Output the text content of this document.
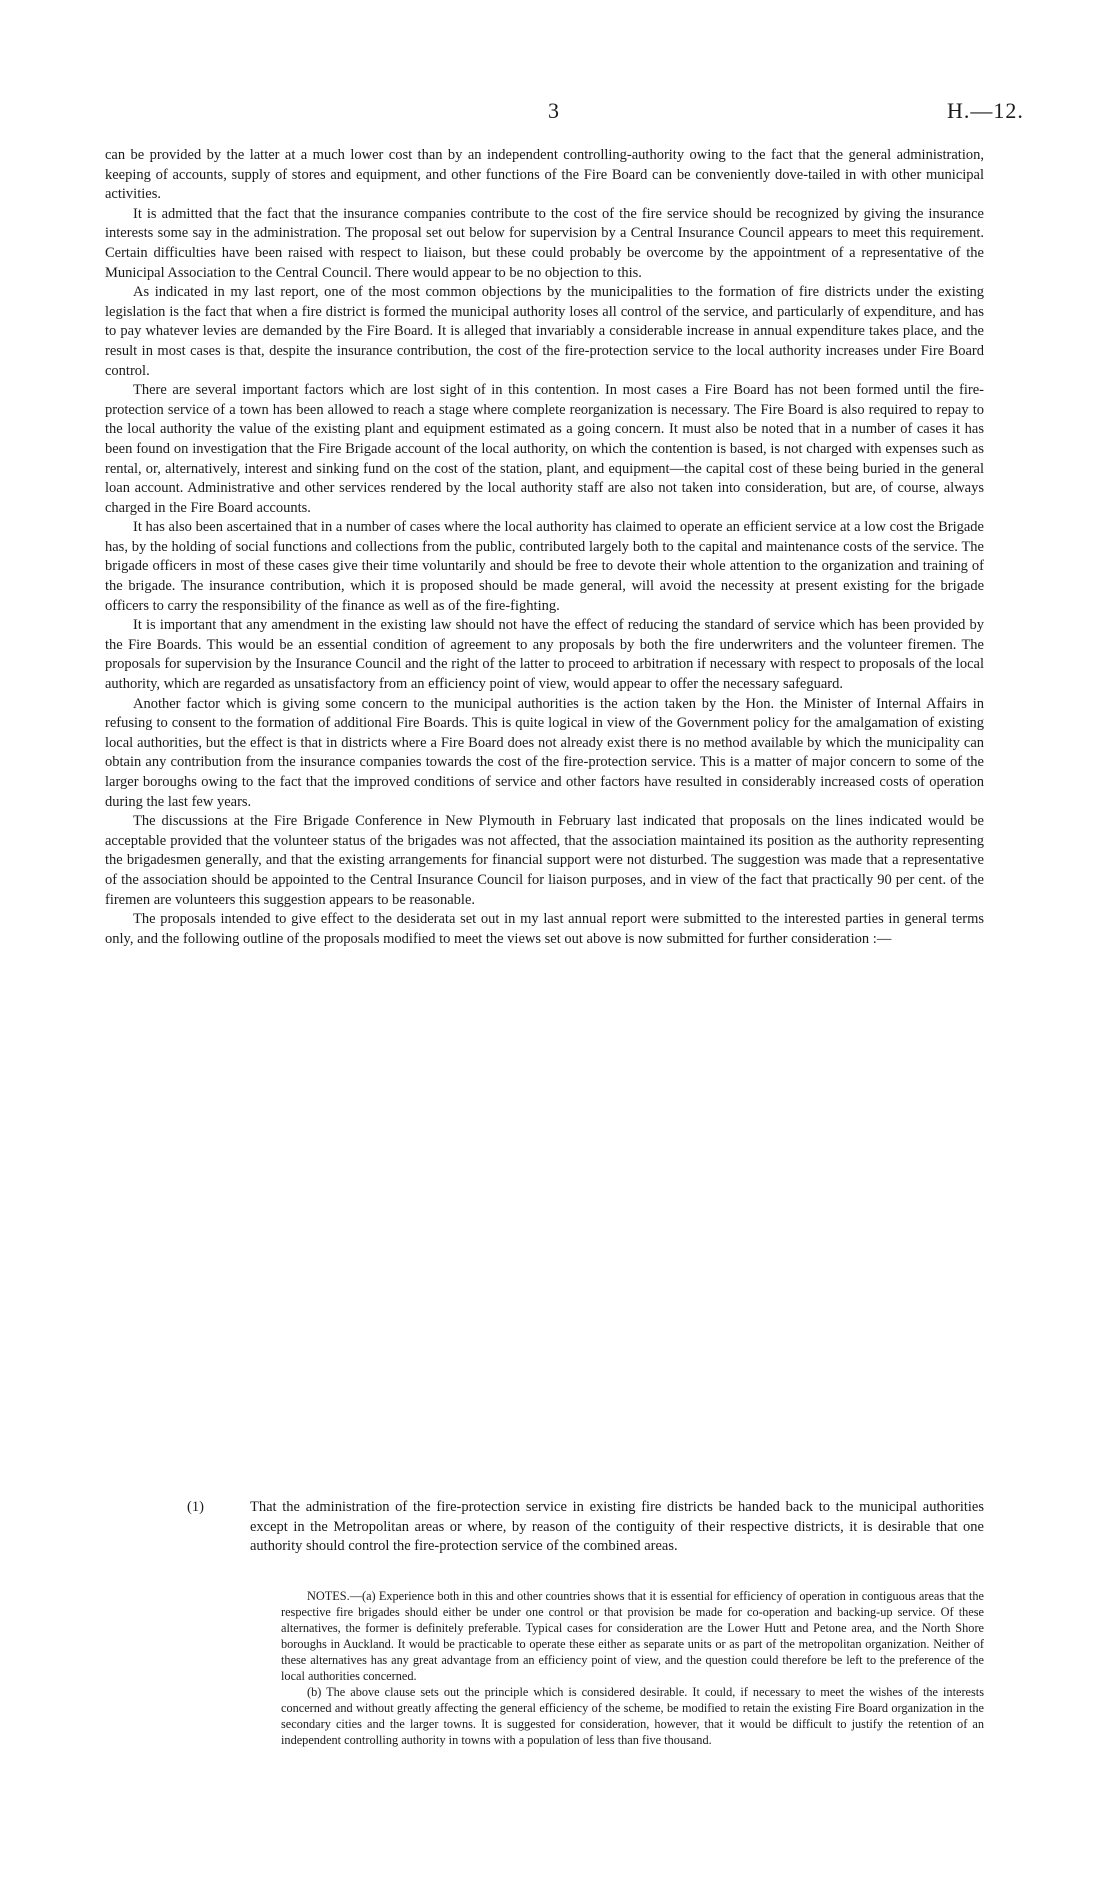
3	H.—12.

can be provided by the latter at a much lower cost than by an independent controlling-authority owing to the fact that the general administration, keeping of accounts, supply of stores and equipment, and other functions of the Fire Board can be conveniently dove-tailed in with other municipal activities.

It is admitted that the fact that the insurance companies contribute to the cost of the fire service should be recognized by giving the insurance interests some say in the administration. The proposal set out below for supervision by a Central Insurance Council appears to meet this requirement. Certain difficulties have been raised with respect to liaison, but these could probably be overcome by the appointment of a representative of the Municipal Association to the Central Council. There would appear to be no objection to this.

As indicated in my last report, one of the most common objections by the municipalities to the formation of fire districts under the existing legislation is the fact that when a fire district is formed the municipal authority loses all control of the service, and particularly of expenditure, and has to pay whatever levies are demanded by the Fire Board. It is alleged that invariably a considerable increase in annual expenditure takes place, and the result in most cases is that, despite the insurance contribution, the cost of the fire-protection service to the local authority increases under Fire Board control.

There are several important factors which are lost sight of in this contention. In most cases a Fire Board has not been formed until the fire-protection service of a town has been allowed to reach a stage where complete reorganization is necessary. The Fire Board is also required to repay to the local authority the value of the existing plant and equipment estimated as a going concern. It must also be noted that in a number of cases it has been found on investigation that the Fire Brigade account of the local authority, on which the contention is based, is not charged with expenses such as rental, or, alternatively, interest and sinking fund on the cost of the station, plant, and equipment—the capital cost of these being buried in the general loan account. Administrative and other services rendered by the local authority staff are also not taken into consideration, but are, of course, always charged in the Fire Board accounts.

It has also been ascertained that in a number of cases where the local authority has claimed to operate an efficient service at a low cost the Brigade has, by the holding of social functions and collections from the public, contributed largely both to the capital and maintenance costs of the service. The brigade officers in most of these cases give their time voluntarily and should be free to devote their whole attention to the organization and training of the brigade. The insurance contribution, which it is proposed should be made general, will avoid the necessity at present existing for the brigade officers to carry the responsibility of the finance as well as of the fire-fighting.

It is important that any amendment in the existing law should not have the effect of reducing the standard of service which has been provided by the Fire Boards. This would be an essential condition of agreement to any proposals by both the fire underwriters and the volunteer firemen. The proposals for supervision by the Insurance Council and the right of the latter to proceed to arbitration if necessary with respect to proposals of the local authority, which are regarded as unsatisfactory from an efficiency point of view, would appear to offer the necessary safeguard.

Another factor which is giving some concern to the municipal authorities is the action taken by the Hon. the Minister of Internal Affairs in refusing to consent to the formation of additional Fire Boards. This is quite logical in view of the Government policy for the amalgamation of existing local authorities, but the effect is that in districts where a Fire Board does not already exist there is no method available by which the municipality can obtain any contribution from the insurance companies towards the cost of the fire-protection service. This is a matter of major concern to some of the larger boroughs owing to the fact that the improved conditions of service and other factors have resulted in considerably increased costs of operation during the last few years.

The discussions at the Fire Brigade Conference in New Plymouth in February last indicated that proposals on the lines indicated would be acceptable provided that the volunteer status of the brigades was not affected, that the association maintained its position as the authority representing the brigadesmen generally, and that the existing arrangements for financial support were not disturbed. The suggestion was made that a representative of the association should be appointed to the Central Insurance Council for liaison purposes, and in view of the fact that practically 90 per cent. of the firemen are volunteers this suggestion appears to be reasonable.

The proposals intended to give effect to the desiderata set out in my last annual report were submitted to the interested parties in general terms only, and the following outline of the proposals modified to meet the views set out above is now submitted for further consideration :—

(1)	That the administration of the fire-protection service in existing fire districts be handed back to the municipal authorities except in the Metropolitan areas or where, by reason of the contiguity of their respective districts, it is desirable that one authority should control the fire-protection service of the combined areas.

NOTES.—(a) Experience both in this and other countries shows that it is essential for efficiency of operation in contiguous areas that the respective fire brigades should either be under one control or that provision be made for co-operation and backing-up service. Of these alternatives, the former is definitely preferable. Typical cases for consideration are the Lower Hutt and Petone area, and the North Shore boroughs in Auckland. It would be practicable to operate these either as separate units or as part of the metropolitan organization. Neither of these alternatives has any great advantage from an efficiency point of view, and the question could therefore be left to the preference of the local authorities concerned.

(b) The above clause sets out the principle which is considered desirable. It could, if necessary to meet the wishes of the interests concerned and without greatly affecting the general efficiency of the scheme, be modified to retain the existing Fire Board organization in the secondary cities and the larger towns. It is suggested for consideration, however, that it would be difficult to justify the retention of an independent controlling authority in towns with a population of less than five thousand.
